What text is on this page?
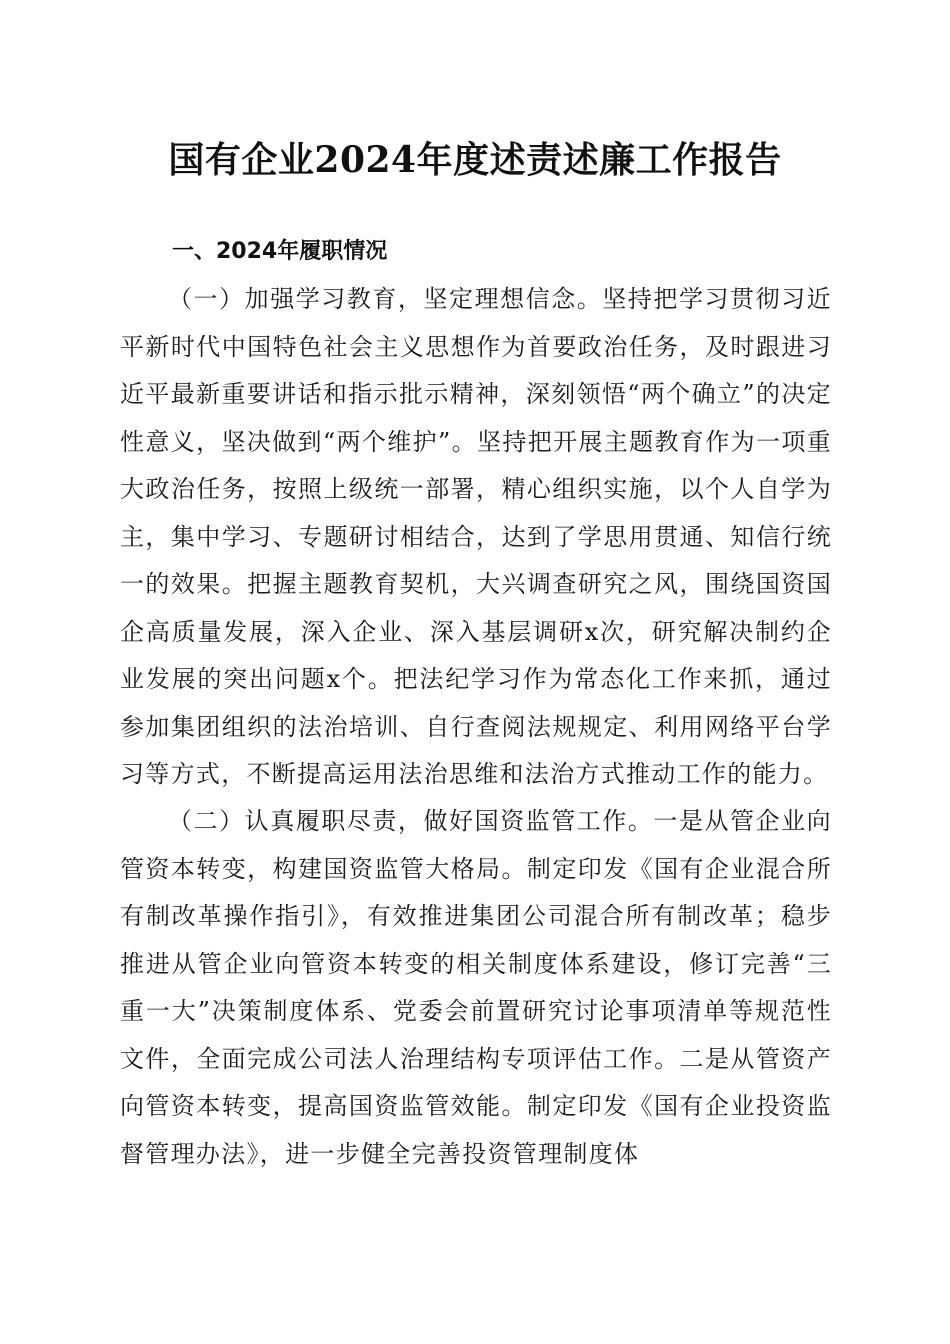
国有企业2024年度述责述廉工作报告
一、2024年履职情况

（一）加强学习教育，坚定理想信念。坚持把学习贯彻习近平新时代中国特色社会主义思想作为首要政治任务，及时跟进习近平最新重要讲话和指示批示精神，深刻领悟“两个确立”的决定性意义，坚决做到“两个维护”。坚持把开展主题教育作为一项重大政治任务，按照上级统一部署，精心组织实施，以个人自学为主，集中学习、专题研讨相结合，达到了学思用贯通、知信行统一的效果。把握主题教育契机，大兴调查研究之风，围绕国资国企高质量发展，深入企业、深入基层调研x次，研究解决制约企业发展的突出问题x个。把法纪学习作为常态化工作来抓，通过参加集团组织的法治培训、自行查阅法规规定、利用网络平台学习等方式，不断提高运用法治思维和法治方式推动工作的能力。

（二）认真履职尽责，做好国资监管工作。一是从管企业向管资本转变，构建国资监管大格局。制定印发《国有企业混合所有制改革操作指引》，有效推进集团公司混合所有制改革；稳步推进从管企业向管资本转变的相关制度体系建设，修订完善“三重一大”决策制度体系、党委会前置研究讨论事项清单等规范性文件，全面完成公司法人治理结构专项评估工作。二是从管资产向管资本转变，提高国资监管效能。制定印发《国有企业投资监督管理办法》，进一步健全完善投资管理制度体
